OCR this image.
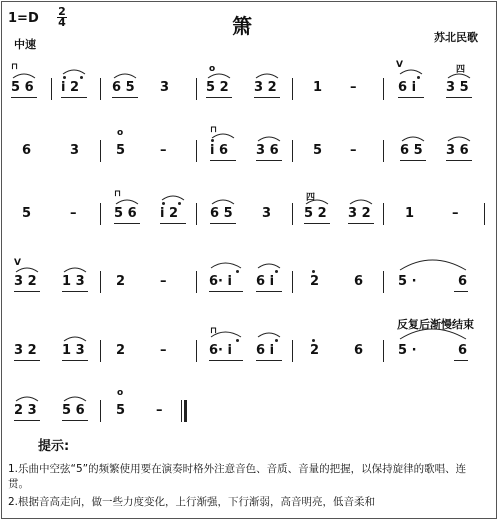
$1=D \frac{2}{4}$
中速
箫	苏北民歌
5 6
⊓
i 2	6 5 3	5 2
o
3 2	1 –	6 i
V
3 5
四
6	3	5
o
–	i 6
⊓
3 6	5 –	6 5 3 6
5	–	5 6
⊓
i 2 6 5 3	5 2
四
3 2	1	–
3 2
V
1 3 2	–	6· i 6 i	2	6	5 ·	6
反复后渐慢结束
3 2 1 3 2	–	6· i
⊓
6 i	2	6	5 ·	6
2 3 5 6 5
o
–
提示:
1.乐曲中空弦“5”的频繁使用要在演奏时格外注意音色、音质、音量的把握，以保持旋律的歌唱、连贯。
2.根据音高走向，做一些力度变化，上行渐强，下行渐弱，高音明亮，低音柔和
